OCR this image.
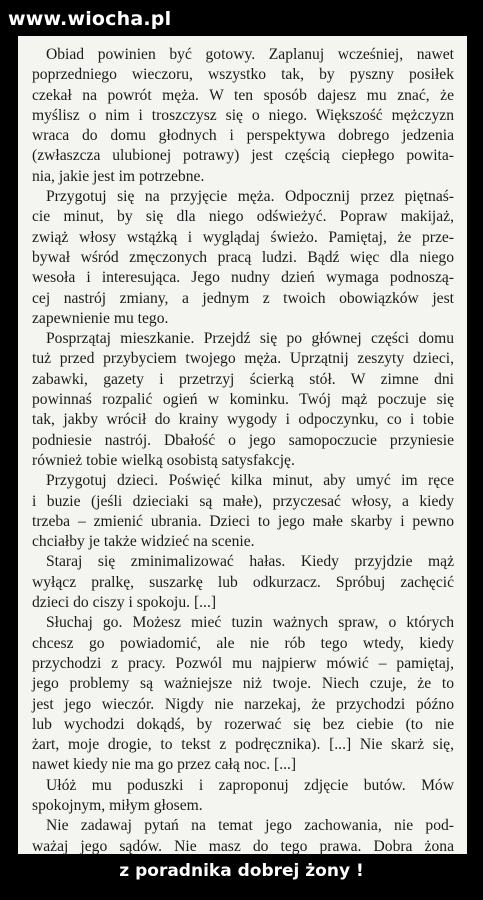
www.wiocha.pl
Obiad powinien być gotowy. Zaplanuj wcześniej, nawet
poprzedniego wieczoru, wszystko tak, by pyszny posiłek
czekał na powrót męża. W ten sposób dajesz mu znać, że
myślisz o nim i troszczysz się o niego. Większość mężczyzn
wraca do domu głodnych i perspektywa dobrego jedzenia
(zwłaszcza ulubionej potrawy) jest częścią ciepłego powita-
nia, jakie jest im potrzebne.
Przygotuj się na przyjęcie męża. Odpocznij przez piętnaś-
cie minut, by się dla niego odświeżyć. Popraw makijaż,
zwiąż włosy wstążką i wyglądaj świeżo. Pamiętaj, że prze-
bywał wśród zmęczonych pracą ludzi. Bądź więc dla niego
wesoła i interesująca. Jego nudny dzień wymaga podnoszą-
cej nastrój zmiany, a jednym z twoich obowiązków jest
zapewnienie mu tego.
Posprzątaj mieszkanie. Przejdź się po głównej części domu
tuż przed przybyciem twojego męża. Uprzątnij zeszyty dzieci,
zabawki, gazety i przetrzyj ścierką stół. W zimne dni
powinnaś rozpalić ogień w kominku. Twój mąż poczuje się
tak, jakby wrócił do krainy wygody i odpoczynku, co i tobie
podniesie nastrój. Dbałość o jego samopoczucie przyniesie
również tobie wielką osobistą satysfakcję.
Przygotuj dzieci. Poświęć kilka minut, aby umyć im ręce
i buzie (jeśli dzieciaki są małe), przyczesać włosy, a kiedy
trzeba – zmienić ubrania. Dzieci to jego małe skarby i pewno
chciałby je także widzieć na scenie.
Staraj się zminimalizować hałas. Kiedy przyjdzie mąż
wyłącz pralkę, suszarkę lub odkurzacz. Spróbuj zachęcić
dzieci do ciszy i spokoju. [...]
Słuchaj go. Możesz mieć tuzin ważnych spraw, o których
chcesz go powiadomić, ale nie rób tego wtedy, kiedy
przychodzi z pracy. Pozwól mu najpierw mówić – pamiętaj,
jego problemy są ważniejsze niż twoje. Niech czuje, że to
jest jego wieczór. Nigdy nie narzekaj, że przychodzi późno
lub wychodzi dokądś, by rozerwać się bez ciebie (to nie
żart, moje drogie, to tekst z podręcznika). [...] Nie skarż się,
nawet kiedy nie ma go przez całą noc. [...]
Ułóż mu poduszki i zaproponuj zdjęcie butów. Mów
spokojnym, miłym głosem.
Nie zadawaj pytań na temat jego zachowania, nie pod-
ważaj jego sądów. Nie masz do tego prawa. Dobra żona
z poradnika dobrej żony !
